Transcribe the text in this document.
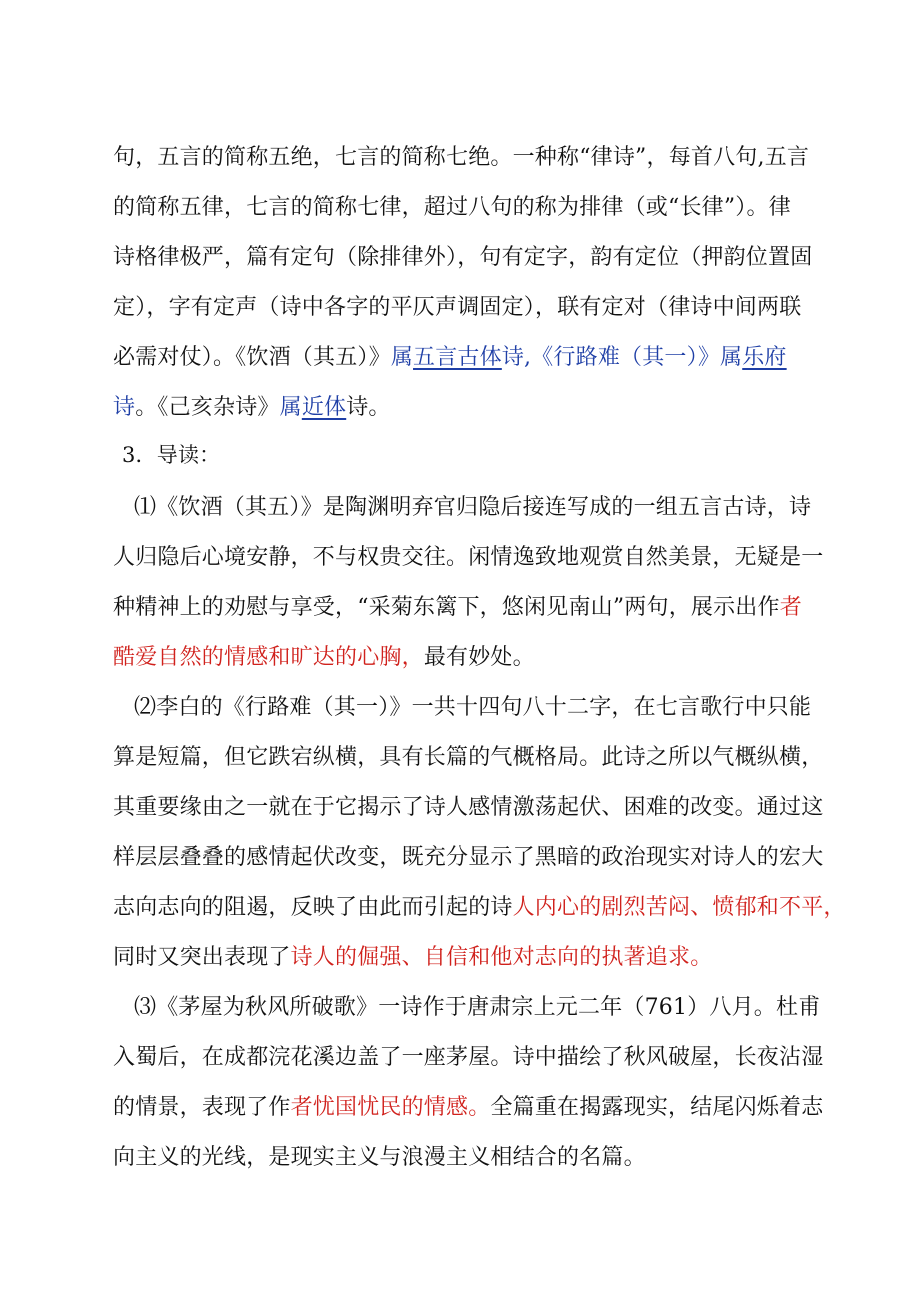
句，五言的简称五绝，七言的简称七绝。一种称“律诗”，每首八句,五言
的简称五律，七言的简称七律，超过八句的称为排律（或“长律”）。律
诗格律极严，篇有定句（除排律外），句有定字，韵有定位（押韵位置固
定），字有定声（诗中各字的平仄声调固定），联有定对（律诗中间两联
必需对仗）。《饮酒（其五）》属五言古体诗,《行路难（其一）》属乐府
诗。《己亥杂诗》属近体诗。
3．导读：
⑴《饮酒（其五）》是陶渊明弃官归隐后接连写成的一组五言古诗，诗
人归隐后心境安静，不与权贵交往。闲情逸致地观赏自然美景，无疑是一
种精神上的劝慰与享受，“采菊东篱下，悠闲见南山”两句，展示出作者
酷爱自然的情感和旷达的心胸，最有妙处。
⑵李白的《行路难（其一）》一共十四句八十二字，在七言歌行中只能
算是短篇，但它跌宕纵横，具有长篇的气概格局。此诗之所以气概纵横，
其重要缘由之一就在于它揭示了诗人感情激荡起伏、困难的改变。通过这
样层层叠叠的感情起伏改变，既充分显示了黑暗的政治现实对诗人的宏大
志向志向的阻遏，反映了由此而引起的诗人内心的剧烈苦闷、愤郁和不平，
同时又突出表现了诗人的倔强、自信和他对志向的执著追求。
⑶《茅屋为秋风所破歌》一诗作于唐肃宗上元二年（761）八月。杜甫
入蜀后，在成都浣花溪边盖了一座茅屋。诗中描绘了秋风破屋，长夜沾湿
的情景，表现了作者忧国忧民的情感。全篇重在揭露现实，结尾闪烁着志
向主义的光线，是现实主义与浪漫主义相结合的名篇。
